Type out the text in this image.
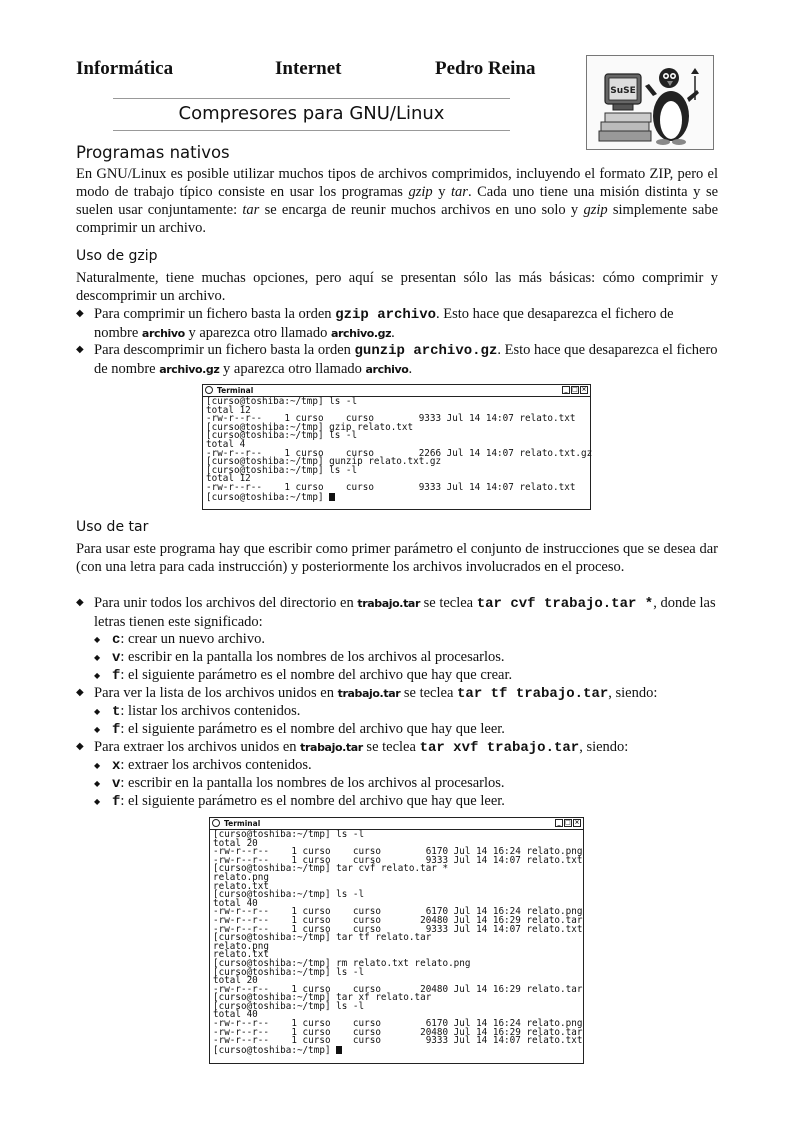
Informática	Internet	Pedro Reina
SuSE
Compresores para GNU/Linux
Programas nativos
En GNU/Linux es posible utilizar muchos tipos de archivos comprimidos, incluyendo el formato ZIP, pero el modo de trabajo típico consiste en usar los programas gzip y tar. Cada uno tiene una misión distinta y se suelen usar conjuntamente: tar se encarga de reunir muchos archivos en uno solo y gzip simplemente sabe comprimir un archivo.
Uso de gzip
Naturalmente, tiene muchas opciones, pero aquí se presentan sólo las más básicas: cómo comprimir y descomprimir un archivo.
◆ Para comprimir un fichero basta la orden gzip archivo. Esto hace que desaparezca el fichero de nombre archivo y aparezca otro llamado archivo.gz.
◆ Para descomprimir un fichero basta la orden gunzip archivo.gz. Esto hace que desaparezca el fichero de nombre archivo.gz y aparezca otro llamado archivo.
Terminal	_ □ ×
[curso@toshiba:~/tmp] ls -l
total 12
-rw-r--r--    1 curso    curso        9333 Jul 14 14:07 relato.txt
[curso@toshiba:~/tmp] gzip relato.txt
[curso@toshiba:~/tmp] ls -l
total 4
-rw-r--r--    1 curso    curso        2266 Jul 14 14:07 relato.txt.gz
[curso@toshiba:~/tmp] gunzip relato.txt.gz
[curso@toshiba:~/tmp] ls -l
total 12
-rw-r--r--    1 curso    curso        9333 Jul 14 14:07 relato.txt
[curso@toshiba:~/tmp]
Uso de tar
Para usar este programa hay que escribir como primer parámetro el conjunto de instrucciones que se desea dar (con una letra para cada instrucción) y posteriormente los archivos involucrados en el proceso.
◆ Para unir todos los archivos del directorio en trabajo.tar se teclea tar cvf trabajo.tar *, donde las letras tienen este significado:
◆ c: crear un nuevo archivo.
◆ v: escribir en la pantalla los nombres de los archivos al procesarlos.
◆ f: el siguiente parámetro es el nombre del archivo que hay que crear.
◆ Para ver la lista de los archivos unidos en trabajo.tar se teclea tar tf trabajo.tar, siendo:
◆ t: listar los archivos contenidos.
◆ f: el siguiente parámetro es el nombre del archivo que hay que leer.
◆ Para extraer los archivos unidos en trabajo.tar se teclea tar xvf trabajo.tar, siendo:
◆ x: extraer los archivos contenidos.
◆ v: escribir en la pantalla los nombres de los archivos al procesarlos.
◆ f: el siguiente parámetro es el nombre del archivo que hay que leer.
Terminal	_ □ ×
[curso@toshiba:~/tmp] ls -l
total 20
-rw-r--r--    1 curso    curso        6170 Jul 14 16:24 relato.png
-rw-r--r--    1 curso    curso        9333 Jul 14 14:07 relato.txt
[curso@toshiba:~/tmp] tar cvf relato.tar *
relato.png
relato.txt
[curso@toshiba:~/tmp] ls -l
total 40
-rw-r--r--    1 curso    curso        6170 Jul 14 16:24 relato.png
-rw-r--r--    1 curso    curso       20480 Jul 14 16:29 relato.tar
-rw-r--r--    1 curso    curso        9333 Jul 14 14:07 relato.txt
[curso@toshiba:~/tmp] tar tf relato.tar
relato.png
relato.txt
[curso@toshiba:~/tmp] rm relato.txt relato.png
[curso@toshiba:~/tmp] ls -l
total 20
-rw-r--r--    1 curso    curso       20480 Jul 14 16:29 relato.tar
[curso@toshiba:~/tmp] tar xf relato.tar
[curso@toshiba:~/tmp] ls -l
total 40
-rw-r--r--    1 curso    curso        6170 Jul 14 16:24 relato.png
-rw-r--r--    1 curso    curso       20480 Jul 14 16:29 relato.tar
-rw-r--r--    1 curso    curso        9333 Jul 14 14:07 relato.txt
[curso@toshiba:~/tmp]
